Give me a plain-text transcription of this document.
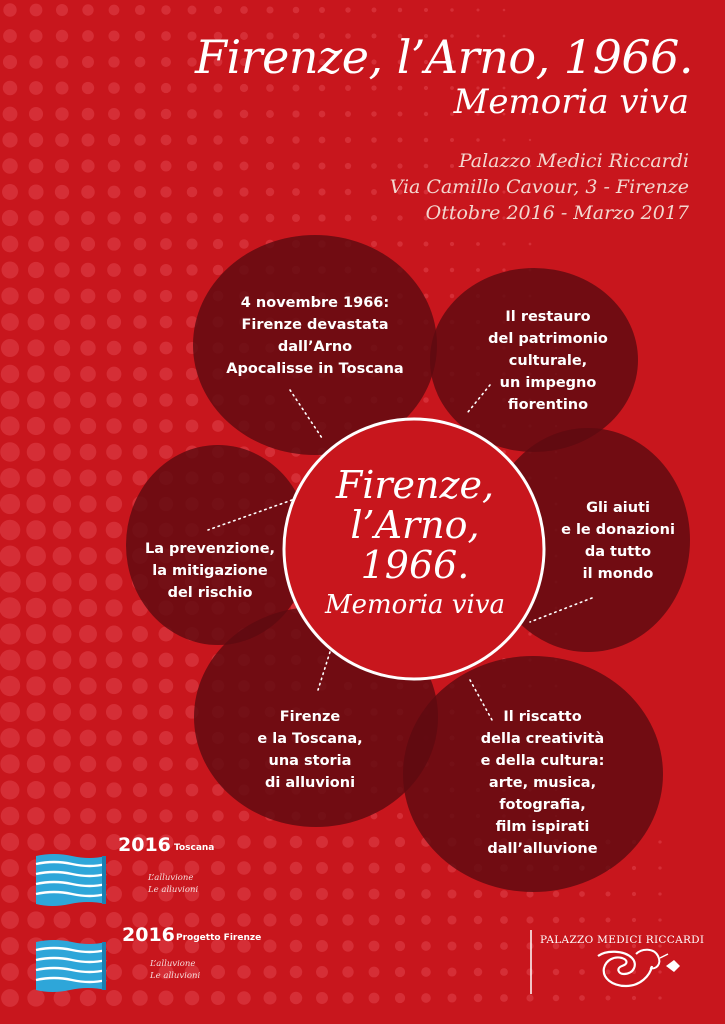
Firenze, l’Arno, 1966.
Memoria viva
Palazzo Medici Riccardi
Via Camillo Cavour, 3 - Firenze
Ottobre 2016 - Marzo 2017
4 novembre 1966:
Firenze devastata
dall’Arno
Apocalisse in Toscana
Il restauro
del patrimonio
culturale,
un impegno
fiorentino
Gli aiuti
e le donazioni
da tutto
il mondo
Il riscatto
della creatività
e della cultura:
arte, musica,
fotografia,
film ispirati
dall’alluvione
Firenze
e la Toscana,
una storia
di alluvioni
La prevenzione,
la mitigazione
del rischio
Firenze,
l’Arno,
1966.
Memoria viva
2016 Toscana
L’alluvione
Le alluvioni
2016 Progetto Firenze
L’alluvione
Le alluvioni
PALAZZO MEDICI RICCARDI
